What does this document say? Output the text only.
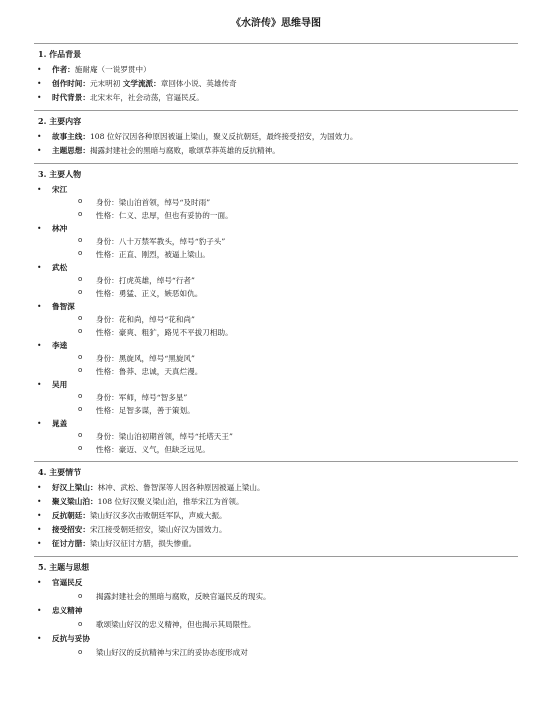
《水浒传》思维导图
1. 作品背景
• 作者：施耐庵（一说罗贯中）
• 创作时间：元末明初 文学流派：章回体小说、英雄传奇
• 时代背景：北宋末年，社会动荡，官逼民反。
2. 主要内容
• 故事主线：108 位好汉因各种原因被逼上梁山，聚义反抗朝廷，最终接受招安，为国效力。
• 主题思想：揭露封建社会的黑暗与腐败，歌颂草莽英雄的反抗精神。
3. 主要人物
• 宋江
o 身份：梁山泊首领，绰号“及时雨”
o 性格：仁义、忠厚，但也有妥协的一面。
• 林冲
o 身份：八十万禁军教头，绰号“豹子头”
o 性格：正直、刚烈，被逼上梁山。
• 武松
o 身份：打虎英雄，绰号“行者”
o 性格：勇猛、正义，嫉恶如仇。
• 鲁智深
o 身份：花和尚，绰号“花和尚”
o 性格：豪爽、粗犷，路见不平拔刀相助。
• 李逵
o 身份：黑旋风，绰号“黑旋风”
o 性格：鲁莽、忠诚，天真烂漫。
• 吴用
o 身份：军师，绰号“智多星”
o 性格：足智多谋，善于策划。
• 晁盖
o 身份：梁山泊初期首领，绰号“托塔天王”
o 性格：豪迈、义气，但缺乏远见。
4. 主要情节
• 好汉上梁山：林冲、武松、鲁智深等人因各种原因被逼上梁山。
• 聚义梁山泊：108 位好汉聚义梁山泊，推举宋江为首领。
• 反抗朝廷：梁山好汉多次击败朝廷军队，声威大振。
• 接受招安：宋江接受朝廷招安，梁山好汉为国效力。
• 征讨方腊：梁山好汉征讨方腊，损失惨重。
5. 主题与思想
• 官逼民反
o 揭露封建社会的黑暗与腐败，反映官逼民反的现实。
• 忠义精神
o 歌颂梁山好汉的忠义精神，但也揭示其局限性。
• 反抗与妥协
o 梁山好汉的反抗精神与宋江的妥协态度形成对
